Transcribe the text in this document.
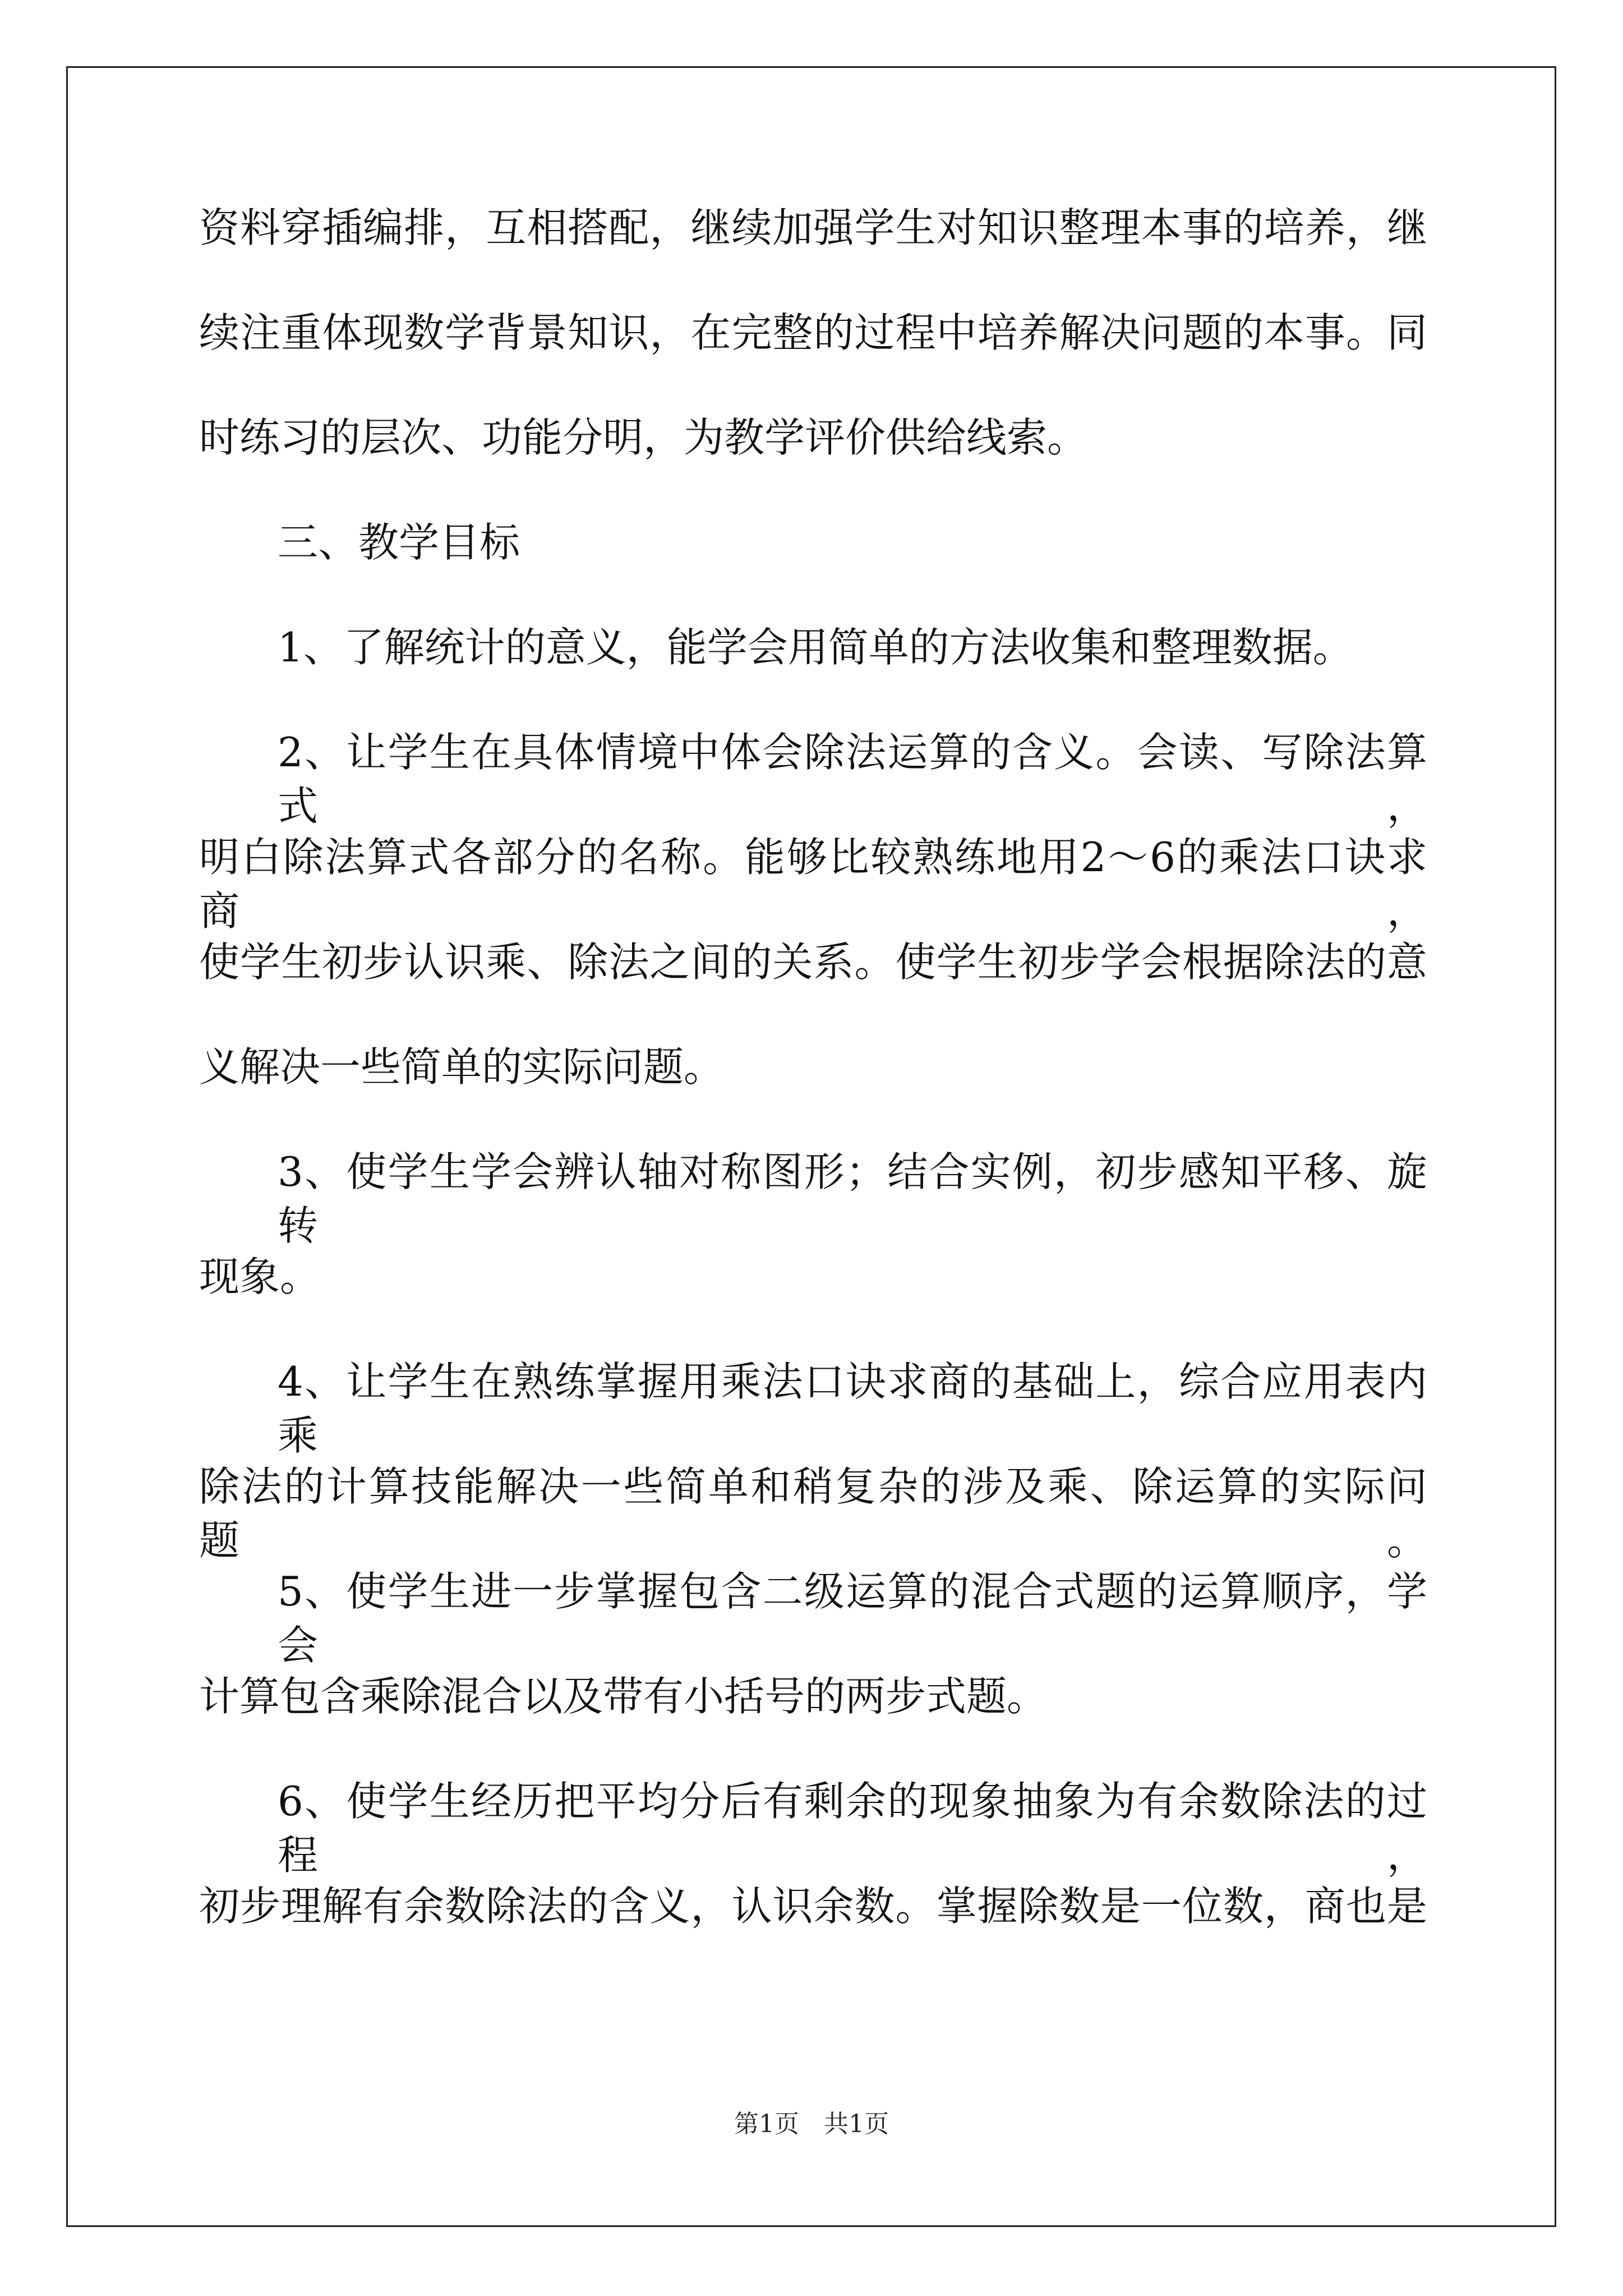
资料穿插编排，互相搭配，继续加强学生对知识整理本事的培养，继
续注重体现数学背景知识，在完整的过程中培养解决问题的本事。同
时练习的层次、功能分明，为教学评价供给线索。
三、教学目标
1、了解统计的意义，能学会用简单的方法收集和整理数据。
2、让学生在具体情境中体会除法运算的含义。会读、写除法算式，
明白除法算式各部分的名称。能够比较熟练地用2～6的乘法口诀求商，
使学生初步认识乘、除法之间的关系。使学生初步学会根据除法的意
义解决一些简单的实际问题。
3、使学生学会辨认轴对称图形；结合实例，初步感知平移、旋转
现象。
4、让学生在熟练掌握用乘法口诀求商的基础上，综合应用表内乘
除法的计算技能解决一些简单和稍复杂的涉及乘、除运算的实际问题。
5、使学生进一步掌握包含二级运算的混合式题的运算顺序，学会
计算包含乘除混合以及带有小括号的两步式题。
6、使学生经历把平均分后有剩余的现象抽象为有余数除法的过程，
初步理解有余数除法的含义，认识余数。掌握除数是一位数，商也是
第1页　共1页
